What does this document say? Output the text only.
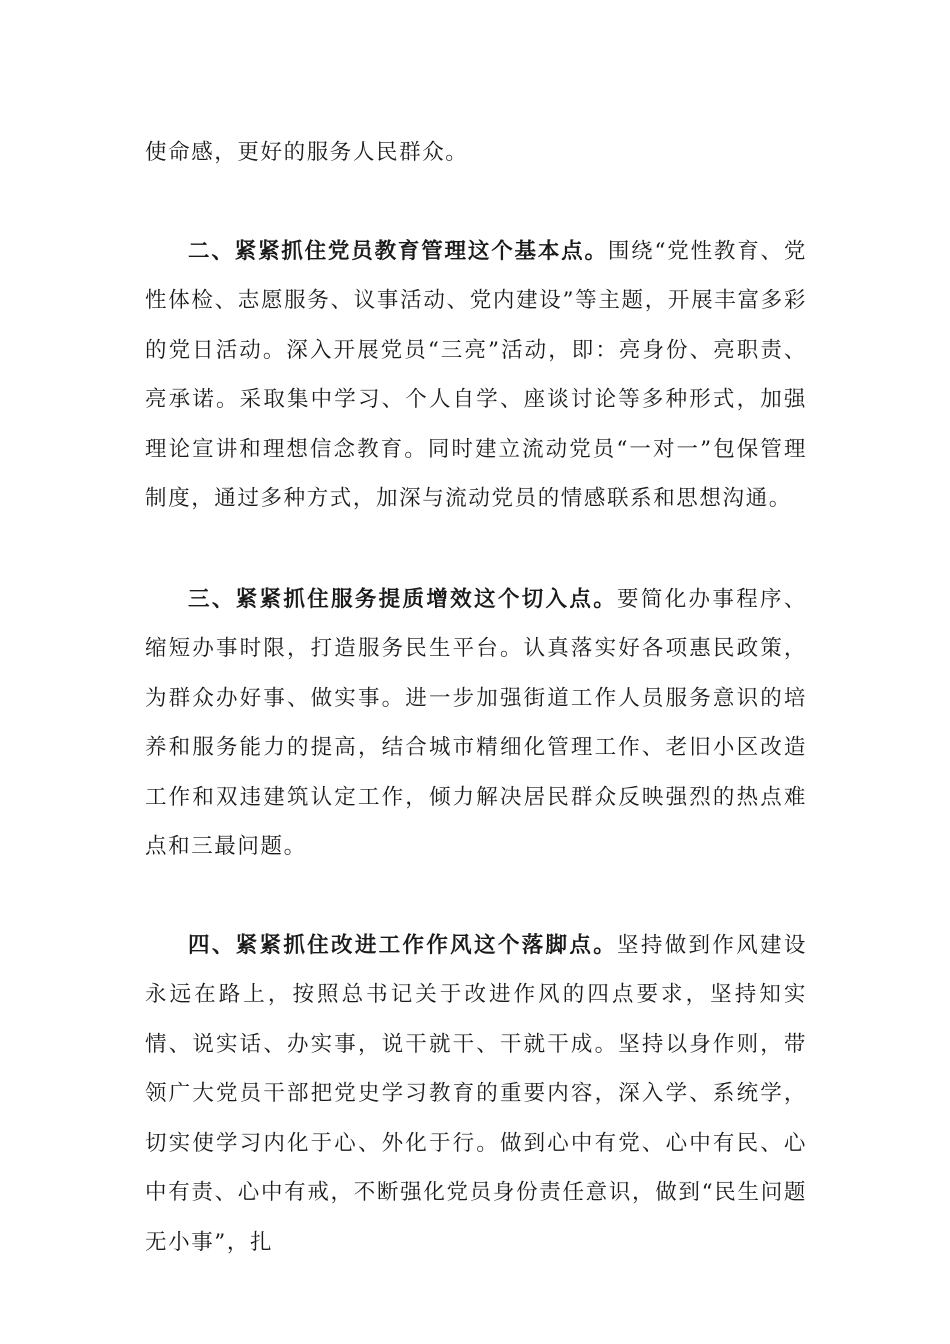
使命感，更好的服务人民群众。

二、紧紧抓住党员教育管理这个基本点。围绕“党性教育、党性体检、志愿服务、议事活动、党内建设”等主题，开展丰富多彩的党日活动。深入开展党员“三亮”活动，即：亮身份、亮职责、亮承诺。采取集中学习、个人自学、座谈讨论等多种形式，加强理论宣讲和理想信念教育。同时建立流动党员“一对一”包保管理制度，通过多种方式，加深与流动党员的情感联系和思想沟通。

三、紧紧抓住服务提质增效这个切入点。要简化办事程序、缩短办事时限，打造服务民生平台。认真落实好各项惠民政策，为群众办好事、做实事。进一步加强街道工作人员服务意识的培养和服务能力的提高，结合城市精细化管理工作、老旧小区改造工作和双违建筑认定工作，倾力解决居民群众反映强烈的热点难点和三最问题。

四、紧紧抓住改进工作作风这个落脚点。坚持做到作风建设永远在路上，按照总书记关于改进作风的四点要求，坚持知实情、说实话、办实事，说干就干、干就干成。坚持以身作则，带领广大党员干部把党史学习教育的重要内容，深入学、系统学，切实使学习内化于心、外化于行。做到心中有党、心中有民、心中有责、心中有戒，不断强化党员身份责任意识，做到“民生问题无小事”，扎
